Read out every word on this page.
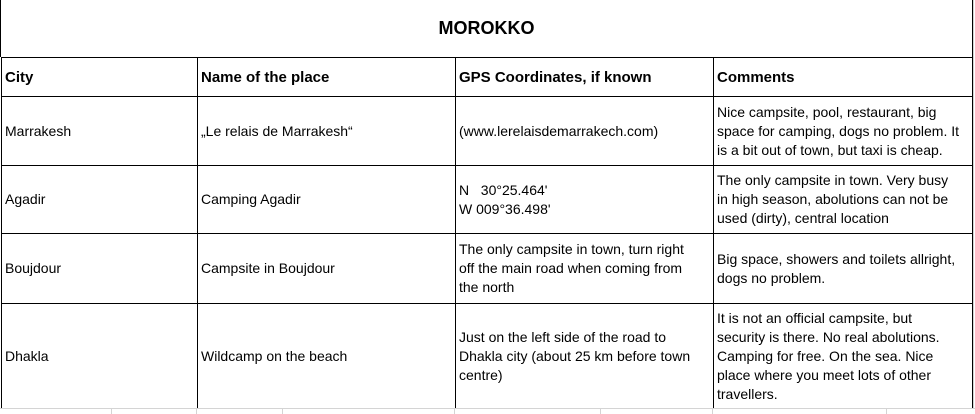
MOROKKO
City	Name of the place	GPS Coordinates, if known	Comments
Marrakesh	„Le relais de Marrakesh“	(www.lerelaisdemarrakech.com)	Nice campsite, pool, restaurant, big
space for camping, dogs no problem. It
is a bit out of town, but taxi is cheap.

Agadir	Camping Agadir	N   30°25.464'
W 009°36.498'	The only campsite in town. Very busy
in high season, abolutions can not be
used (dirty), central location

Boujdour	Campsite in Boujdour	The only campsite in town, turn right
off the main road when coming from
the north	Big space, showers and toilets allright,
dogs no problem.

Dhakla	Wildcamp on the beach	Just on the left side of the road to
Dhakla city (about 25 km before town
centre)	It is not an official campsite, but
security is there. No real abolutions.
Camping for free. On the sea. Nice
place where you meet lots of other
travellers.
